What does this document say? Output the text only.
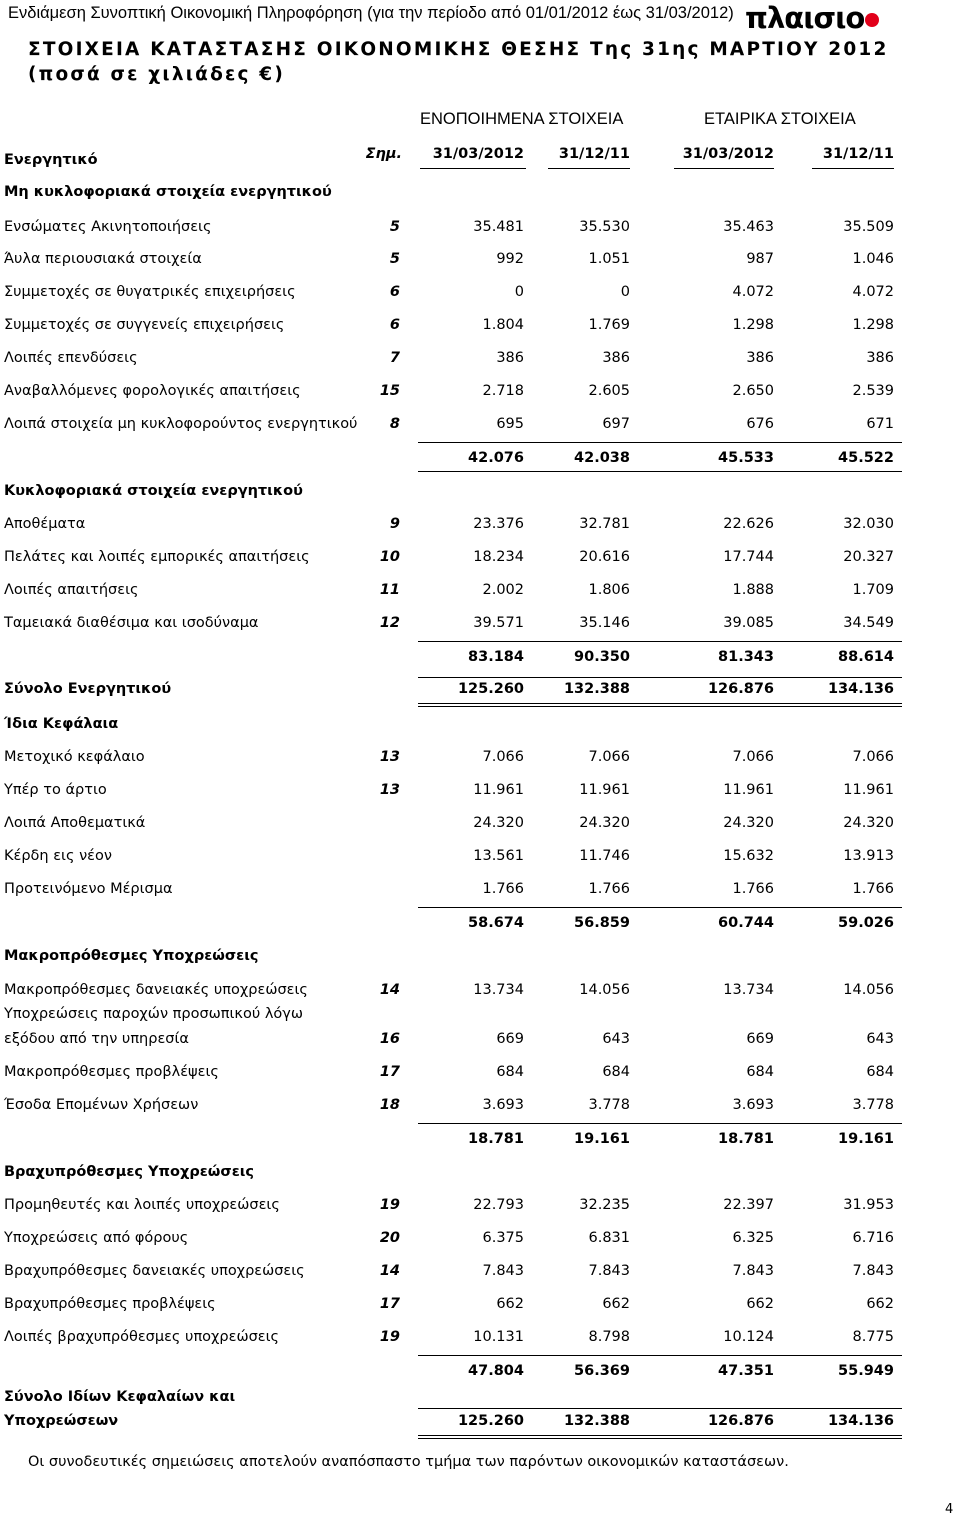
Ενδιάμεση Συνοπτική Οικονομική Πληροφόρηση (για την περίοδο από 01/01/2012 έως 31/03/2012) πλαισιο
ΣΤΟΙΧΕΙΑ ΚΑΤΑΣΤΑΣΗΣ ΟΙΚΟΝΟΜΙΚΗΣ ΘΕΣΗΣ Της 31ης ΜΑΡΤΙΟΥ 2012
(ποσά σε χιλιάδες €)
ΕΝΟΠΟΙΗΜΕΝΑ ΣΤΟΙΧΕΙΑ	ΕΤΑΙΡΙΚΑ ΣΤΟΙΧΕΙΑ
Ενεργητικό	Σημ.	31/03/2012	31/12/11	31/03/2012	31/12/11
Μη κυκλοφοριακά στοιχεία ενεργητικού
Ενσώματες Ακινητοποιήσεις	5	35.481	35.530	35.463	35.509
Άυλα περιουσιακά στοιχεία	5	992	1.051	987	1.046
Συμμετοχές σε θυγατρικές επιχειρήσεις	6	0	0	4.072	4.072
Συμμετοχές σε συγγενείς επιχειρήσεις	6	1.804	1.769	1.298	1.298
Λοιπές επενδύσεις	7	386	386	386	386
Αναβαλλόμενες φορολογικές απαιτήσεις	15	2.718	2.605	2.650	2.539
Λοιπά στοιχεία μη κυκλοφορούντος ενεργητικού	8	695	697	676	671
42.076	42.038	45.533	45.522
Κυκλοφοριακά στοιχεία ενεργητικού
Αποθέματα	9	23.376	32.781	22.626	32.030
Πελάτες και λοιπές εμπορικές απαιτήσεις	10	18.234	20.616	17.744	20.327
Λοιπές απαιτήσεις	11	2.002	1.806	1.888	1.709
Ταμειακά διαθέσιμα και ισοδύναμα	12	39.571	35.146	39.085	34.549
83.184	90.350	81.343	88.614
Σύνολο Ενεργητικού	125.260	132.388	126.876	134.136
Ίδια Κεφάλαια
Μετοχικό κεφάλαιο	13	7.066	7.066	7.066	7.066
Υπέρ το άρτιο	13	11.961	11.961	11.961	11.961
Λοιπά Αποθεματικά	24.320	24.320	24.320	24.320
Κέρδη εις νέον	13.561	11.746	15.632	13.913
Προτεινόμενο Μέρισμα	1.766	1.766	1.766	1.766
58.674	56.859	60.744	59.026
Μακροπρόθεσμες Υποχρεώσεις
Μακροπρόθεσμες δανειακές υποχρεώσεις	14	13.734	14.056	13.734	14.056
Υποχρεώσεις παροχών προσωπικού λόγω
εξόδου από την υπηρεσία	16	669	643	669	643
Μακροπρόθεσμες προβλέψεις	17	684	684	684	684
Έσοδα Επομένων Χρήσεων	18	3.693	3.778	3.693	3.778
18.781	19.161	18.781	19.161
Βραχυπρόθεσμες Υποχρεώσεις
Προμηθευτές και λοιπές υποχρεώσεις	19	22.793	32.235	22.397	31.953
Υποχρεώσεις από φόρους	20	6.375	6.831	6.325	6.716
Βραχυπρόθεσμες δανειακές υποχρεώσεις	14	7.843	7.843	7.843	7.843
Βραχυπρόθεσμες προβλέψεις	17	662	662	662	662
Λοιπές βραχυπρόθεσμες υποχρεώσεις	19	10.131	8.798	10.124	8.775
47.804	56.369	47.351	55.949
Σύνολο Ιδίων Κεφαλαίων και
Υποχρεώσεων	125.260	132.388	126.876	134.136
Οι συνοδευτικές σημειώσεις αποτελούν αναπόσπαστο τμήμα των παρόντων οικονομικών καταστάσεων.
4
